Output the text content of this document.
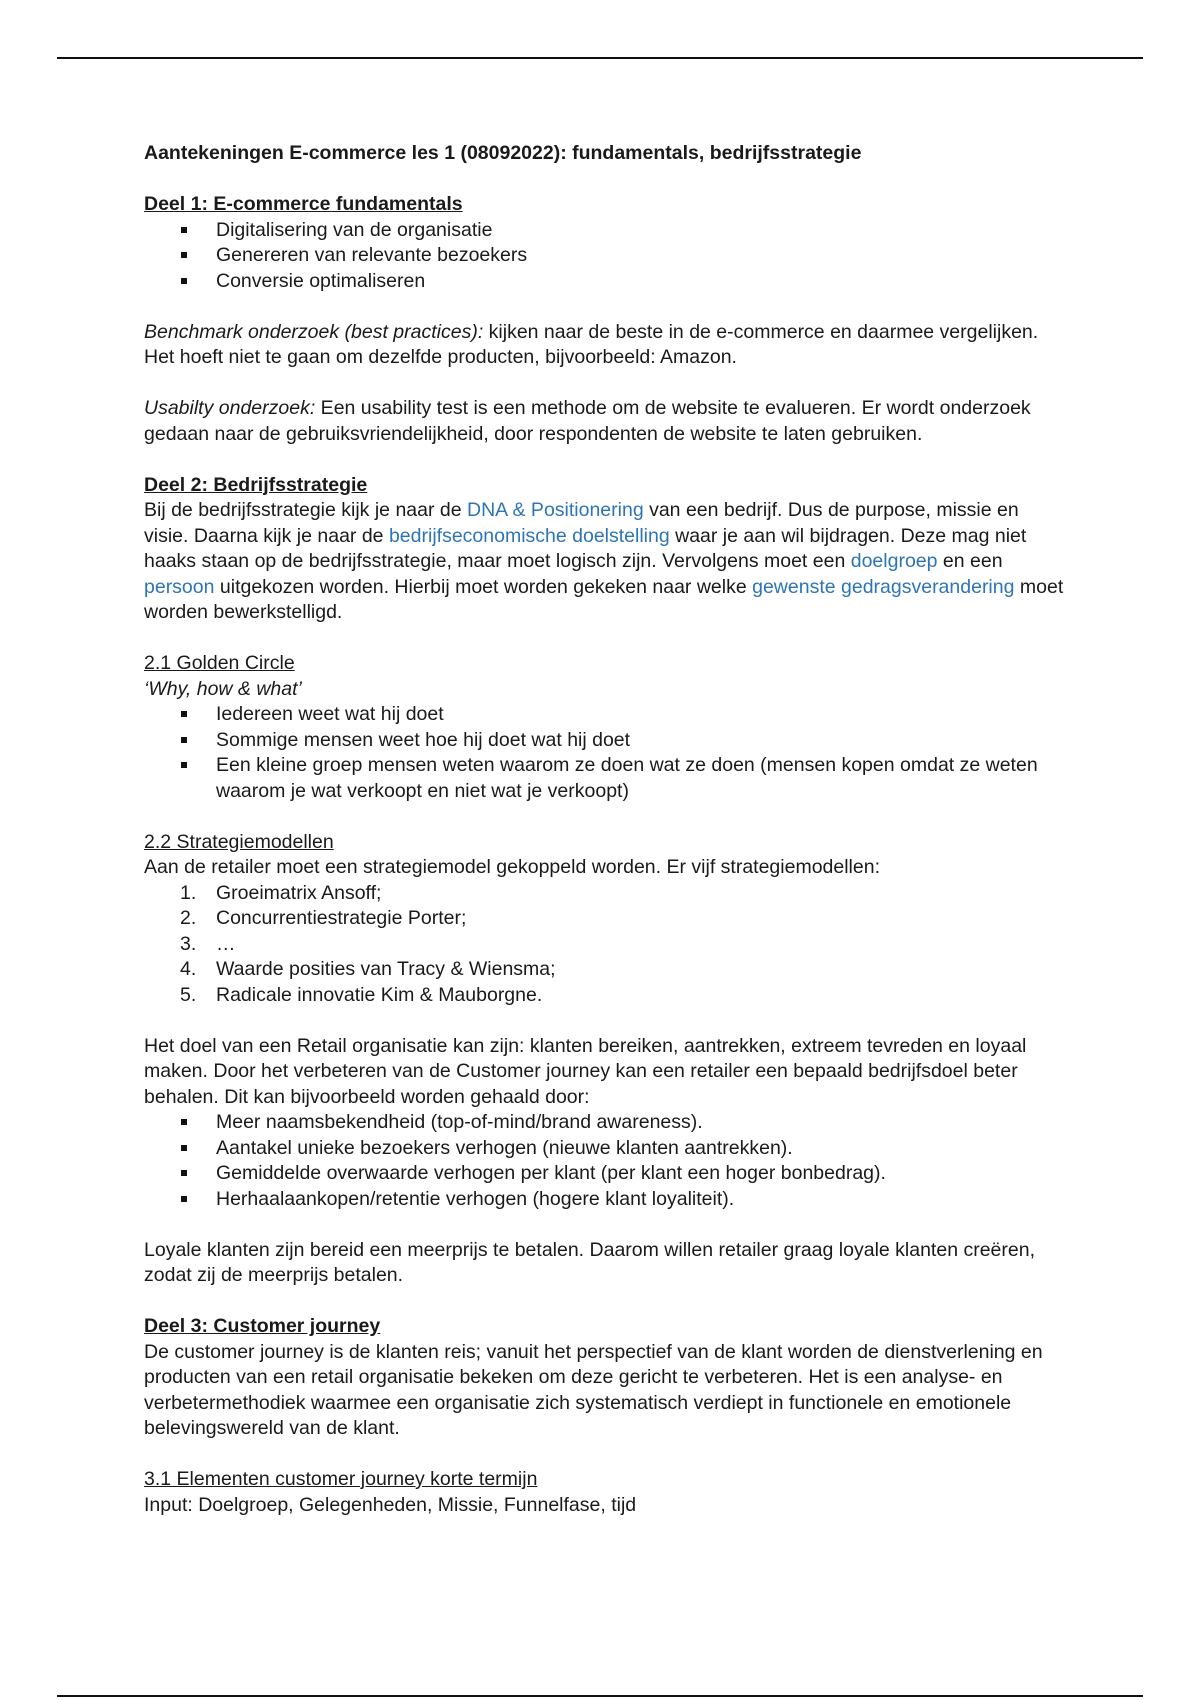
Aantekeningen E-commerce les 1 (08092022): fundamentals, bedrijfsstrategie

Deel 1: E-commerce fundamentals

Digitalisering van de organisatie
Genereren van relevante bezoekers
Conversie optimaliseren

Benchmark onderzoek (best practices): kijken naar de beste in de e-commerce en daarmee vergelijken. Het hoeft niet te gaan om dezelfde producten, bijvoorbeeld: Amazon.

Usabilty onderzoek: Een usability test is een methode om de website te evalueren. Er wordt onderzoek gedaan naar de gebruiksvriendelijkheid, door respondenten de website te laten gebruiken.

Deel 2: Bedrijfsstrategie

Bij de bedrijfsstrategie kijk je naar de DNA & Positionering van een bedrijf. Dus de purpose, missie en visie. Daarna kijk je naar de bedrijfseconomische doelstelling waar je aan wil bijdragen. Deze mag niet haaks staan op de bedrijfsstrategie, maar moet logisch zijn. Vervolgens moet een doelgroep en een persoon uitgekozen worden. Hierbij moet worden gekeken naar welke gewenste gedragsverandering moet worden bewerkstelligd.

2.1 Golden Circle

‘Why, how & what’

Iedereen weet wat hij doet
Sommige mensen weet hoe hij doet wat hij doet
Een kleine groep mensen weten waarom ze doen wat ze doen (mensen kopen omdat ze weten waarom je wat verkoopt en niet wat je verkoopt)

2.2 Strategiemodellen

Aan de retailer moet een strategiemodel gekoppeld worden. Er vijf strategiemodellen:

1. Groeimatrix Ansoff;
2. Concurrentiestrategie Porter;
3. …
4. Waarde posities van Tracy & Wiensma;
5. Radicale innovatie Kim & Mauborgne.

Het doel van een Retail organisatie kan zijn: klanten bereiken, aantrekken, extreem tevreden en loyaal maken. Door het verbeteren van de Customer journey kan een retailer een bepaald bedrijfsdoel beter behalen. Dit kan bijvoorbeeld worden gehaald door:

Meer naamsbekendheid (top-of-mind/brand awareness).
Aantakel unieke bezoekers verhogen (nieuwe klanten aantrekken).
Gemiddelde overwaarde verhogen per klant (per klant een hoger bonbedrag).
Herhaalaankopen/retentie verhogen (hogere klant loyaliteit).

Loyale klanten zijn bereid een meerprijs te betalen. Daarom willen retailer graag loyale klanten creëren, zodat zij de meerprijs betalen.

Deel 3: Customer journey

De customer journey is de klanten reis; vanuit het perspectief van de klant worden de dienstverlening en producten van een retail organisatie bekeken om deze gericht te verbeteren. Het is een analyse- en verbetermethodiek waarmee een organisatie zich systematisch verdiept in functionele en emotionele belevingswereld van de klant.

3.1 Elementen customer journey korte termijn

Input: Doelgroep, Gelegenheden, Missie, Funnelfase, tijd
